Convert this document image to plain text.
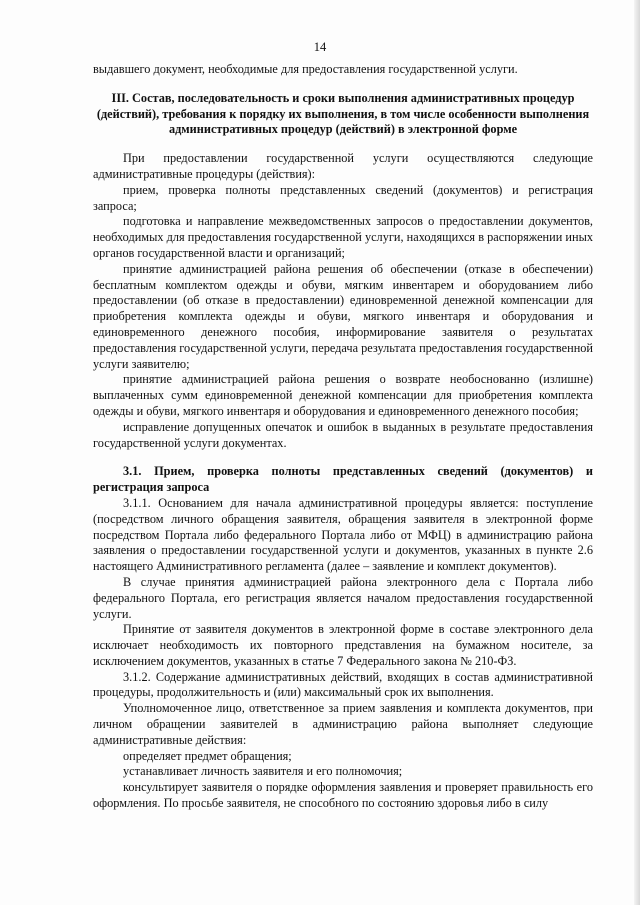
14

выдавшего документ, необходимые для предоставления государственной услуги.

III. Состав, последовательность и сроки выполнения административных процедур (действий), требования к порядку их выполнения, в том числе особенности выполнения административных процедур (действий) в электронной форме

При предоставлении государственной услуги осуществляются следующие административные процедуры (действия):

прием, проверка полноты представленных сведений (документов) и регистрация запроса;

подготовка и направление межведомственных запросов о предоставлении документов, необходимых для предоставления государственной услуги, находящихся в распоряжении иных органов государственной власти и организаций;

принятие администрацией района решения об обеспечении (отказе в обеспечении) бесплатным комплектом одежды и обуви, мягким инвентарем и оборудованием либо предоставлении (об отказе в предоставлении) единовременной денежной компенсации для приобретения комплекта одежды и обуви, мягкого инвентаря и оборудования и единовременного денежного пособия, информирование заявителя о результатах предоставления государственной услуги, передача результата предоставления государственной услуги заявителю;

принятие администрацией района решения о возврате необоснованно (излишне) выплаченных сумм единовременной денежной компенсации для приобретения комплекта одежды и обуви, мягкого инвентаря и оборудования и единовременного денежного пособия;

исправление допущенных опечаток и ошибок в выданных в результате предоставления государственной услуги документах.

3.1. Прием, проверка полноты представленных сведений (документов) и регистрация запроса

3.1.1. Основанием для начала административной процедуры является: поступление (посредством личного обращения заявителя, обращения заявителя в электронной форме посредством Портала либо федерального Портала либо от МФЦ) в администрацию района заявления о предоставлении государственной услуги и документов, указанных в пункте 2.6 настоящего Административного регламента (далее – заявление и комплект документов).

В случае принятия администрацией района электронного дела с Портала либо федерального Портала, его регистрация является началом предоставления государственной услуги.

Принятие от заявителя документов в электронной форме в составе электронного дела исключает необходимость их повторного представления на бумажном носителе, за исключением документов, указанных в статье 7 Федерального закона № 210-ФЗ.

3.1.2. Содержание административных действий, входящих в состав административной процедуры, продолжительность и (или) максимальный срок их выполнения.

Уполномоченное лицо, ответственное за прием заявления и комплекта документов, при личном обращении заявителей в администрацию района выполняет следующие административные действия:

определяет предмет обращения;

устанавливает личность заявителя и его полномочия;

консультирует заявителя о порядке оформления заявления и проверяет правильность его оформления. По просьбе заявителя, не способного по состоянию здоровья либо в силу
